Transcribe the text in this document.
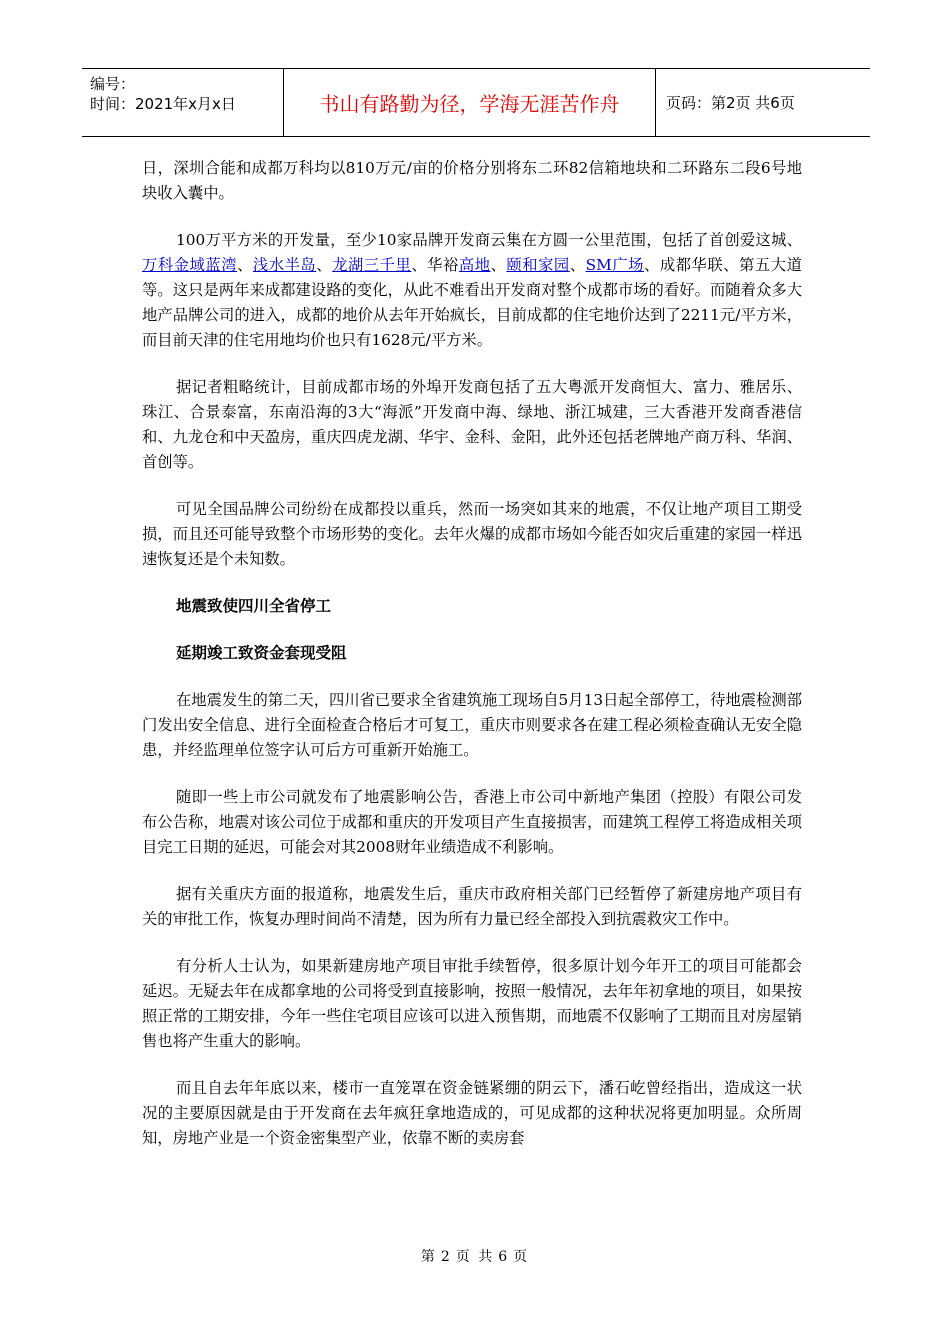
编号：
时间：2021年x月x日	书山有路勤为径，学海无涯苦作舟	页码：第2页 共6页

日，深圳合能和成都万科均以810万元/亩的价格分别将东二环82信箱地块和二环路东二段6号地块收入囊中。

100万平方米的开发量，至少10家品牌开发商云集在方圆一公里范围，包括了首创爱这城、万科金域蓝湾、浅水半岛、龙湖三千里、华裕高地、颐和家园、SM广场、成都华联、第五大道等。这只是两年来成都建设路的变化，从此不难看出开发商对整个成都市场的看好。而随着众多大地产品牌公司的进入，成都的地价从去年开始疯长，目前成都的住宅地价达到了2211元/平方米，而目前天津的住宅用地均价也只有1628元/平方米。

据记者粗略统计，目前成都市场的外埠开发商包括了五大粤派开发商恒大、富力、雅居乐、珠江、合景泰富，东南沿海的3大“海派”开发商中海、绿地、浙江城建，三大香港开发商香港信和、九龙仓和中天盈房，重庆四虎龙湖、华宇、金科、金阳，此外还包括老牌地产商万科、华润、首创等。

可见全国品牌公司纷纷在成都投以重兵，然而一场突如其来的地震，不仅让地产项目工期受损，而且还可能导致整个市场形势的变化。去年火爆的成都市场如今能否如灾后重建的家园一样迅速恢复还是个未知数。

地震致使四川全省停工
延期竣工致资金套现受阻

在地震发生的第二天，四川省已要求全省建筑施工现场自5月13日起全部停工，待地震检测部门发出安全信息、进行全面检查合格后才可复工，重庆市则要求各在建工程必须检查确认无安全隐患，并经监理单位签字认可后方可重新开始施工。

随即一些上市公司就发布了地震影响公告，香港上市公司中新地产集团（控股）有限公司发布公告称，地震对该公司位于成都和重庆的开发项目产生直接损害，而建筑工程停工将造成相关项目完工日期的延迟，可能会对其2008财年业绩造成不利影响。

据有关重庆方面的报道称，地震发生后，重庆市政府相关部门已经暂停了新建房地产项目有关的审批工作，恢复办理时间尚不清楚，因为所有力量已经全部投入到抗震救灾工作中。

有分析人士认为，如果新建房地产项目审批手续暂停，很多原计划今年开工的项目可能都会延迟。无疑去年在成都拿地的公司将受到直接影响，按照一般情况，去年年初拿地的项目，如果按照正常的工期安排，今年一些住宅项目应该可以进入预售期，而地震不仅影响了工期而且对房屋销售也将产生重大的影响。

而且自去年年底以来，楼市一直笼罩在资金链紧绷的阴云下，潘石屹曾经指出，造成这一状况的主要原因就是由于开发商在去年疯狂拿地造成的，可见成都的这种状况将更加明显。众所周知，房地产业是一个资金密集型产业，依靠不断的卖房套

第 2 页 共 6 页
